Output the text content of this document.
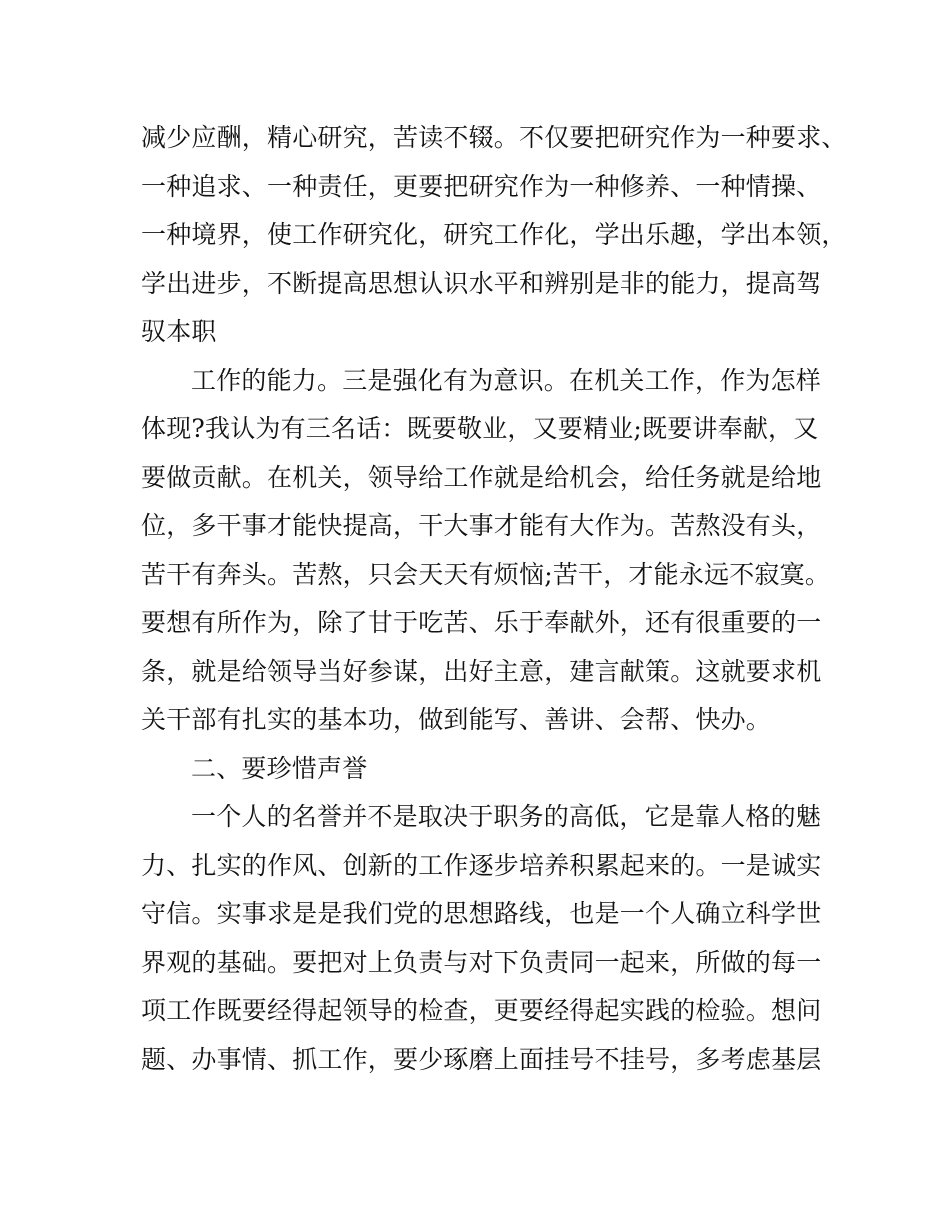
减少应酬，精心研究，苦读不辍。不仅要把研究作为一种要求、
一种追求、一种责任，更要把研究作为一种修养、一种情操、
一种境界，使工作研究化，研究工作化，学出乐趣，学出本领，
学出进步，不断提高思想认识水平和辨别是非的能力，提高驾
驭本职
工作的能力。三是强化有为意识。在机关工作，作为怎样
体现?我认为有三名话：既要敬业，又要精业;既要讲奉献，又
要做贡献。在机关，领导给工作就是给机会，给任务就是给地
位，多干事才能快提高，干大事才能有大作为。苦熬没有头，
苦干有奔头。苦熬，只会天天有烦恼;苦干，才能永远不寂寞。
要想有所作为，除了甘于吃苦、乐于奉献外，还有很重要的一
条，就是给领导当好参谋，出好主意，建言献策。这就要求机
关干部有扎实的基本功，做到能写、善讲、会帮、快办。
二、要珍惜声誉
一个人的名誉并不是取决于职务的高低，它是靠人格的魅
力、扎实的作风、创新的工作逐步培养积累起来的。一是诚实
守信。实事求是是我们党的思想路线，也是一个人确立科学世
界观的基础。要把对上负责与对下负责同一起来，所做的每一
项工作既要经得起领导的检查，更要经得起实践的检验。想问
题、办事情、抓工作，要少琢磨上面挂号不挂号，多考虑基层
